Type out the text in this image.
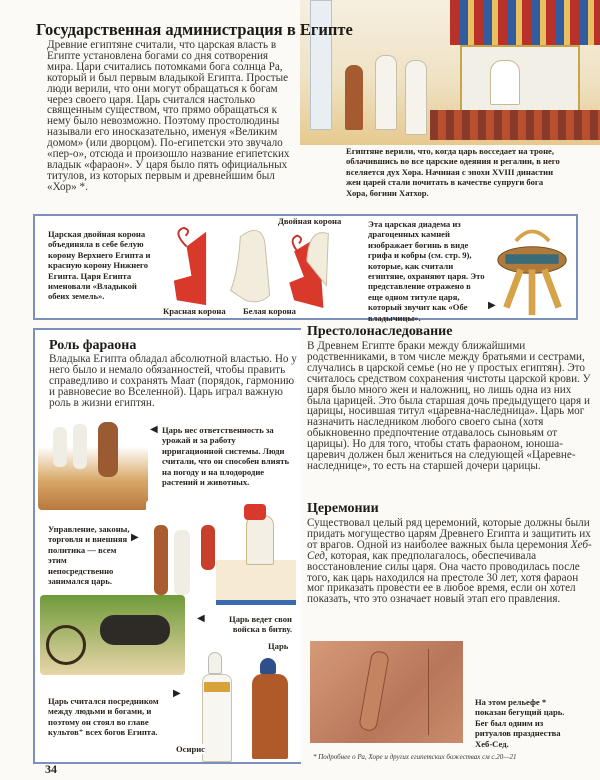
Государственная администрация в Египте
Древние египтяне считали, что царская власть в Египте установлена богами со дня сотворения мира. Цари считались потомками бога солнца Ра, который и был первым владыкой Египта. Простые люди верили, что они могут обращаться к богам через своего царя. Царь считался настолько священным существом, что прямо обращаться к нему было невозможно. Поэтому простолюдины называли его иносказательно, именуя «Великим домом» (или дворцом). По-египетски это звучало «пер-о», отсюда и произошло название египетских владык «фараон». У царя было пять официальных титулов, из которых первым и древнейшим был «Хор» *.
Египтяне верили, что, когда царь восседает на троне, облачившись во все царские одеяния и регалии, в него вселяется дух Хора. Начиная с эпохи XVIII династии жен царей стали почитать в качестве супруги бога Хора, богини Хатхор.
Царская двойная корона объединяла в себе белую корону Верхнего Египта и красную корону Нижнего Египта. Царя Египта именовали «Владыкой обеих земель».
Двойная корона
Красная корона Белая корона
Эта царская диадема из драгоценных камней изображает богинь в виде грифа и кобры (см. стр. 9), которые, как считали египтяне, охраняют царя. Это представление отражено в еще одном титуле царя, который звучит как «Обе владычицы».
▶
Роль фараона
Владыка Египта обладал абсолютной властью. Но у него было и немало обязанностей, чтобы править справедливо и сохранять Маат (порядок, гармонию и равновесие во Вселенной). Царь играл важную роль в жизни египтян.
◀ Царь нес ответственность за урожай и за работу ирригационной системы. Люди считали, что он способен влиять на погоду и на плодородие растений и животных.
Управление, законы, торговля и внешняя политика — всем этим непосредственно занимался царь.
▶
◀	Царь ведет свои войска в битву.
Царь
▶
Царь считался посредником между людьми и богами, и поэтому он стоял во главе культов⁺ всех богов Египта.
Осирис
34
Престолонаследование
В Древнем Египте браки между ближайшими родственниками, в том числе между братьями и сестрами, случались в царской семье (но не у простых египтян). Это считалось средством сохранения чистоты царской крови. У царя было много жен и наложниц, но лишь одна из них была царицей. Это была старшая дочь предыдущего царя и царицы, носившая титул «царевна-наследница». Царь мог назначить наследником любого своего сына (хотя обыкновенно предпочтение отдавалось сыновьям от царицы). Но для того, чтобы стать фараоном, юноша-царевич должен был жениться на следующей «Царевне-наследнице», то есть на старшей дочери царицы.
Церемонии
Существовал целый ряд церемоний, которые должны были придать могущество царям Древнего Египта и защитить их от врагов. Одной из наиболее важных была церемония Хеб-Сед, которая, как предполагалось, обеспечивала восстановление силы царя. Она часто проводилась после того, как царь находился на престоле 30 лет, хотя фараон мог приказать провести ее в любое время, если он хотел показать, что это означает новый этап его правления.
На этом рельефе * показан бегущий царь. Бег был одним из ритуалов празднества Хеб-Сед.
* Подробнее о Ра, Хоре и других египетских божествах см с.20—21
